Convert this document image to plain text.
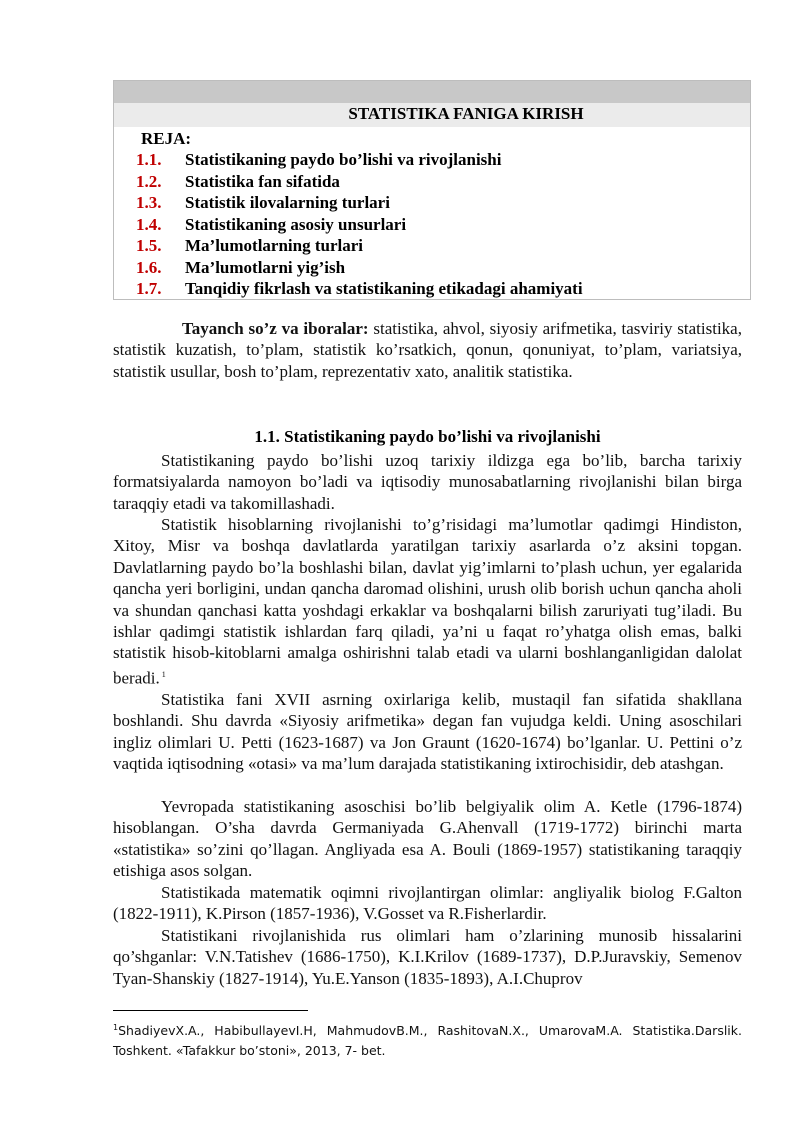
STATISTIKA FANIGA KIRISH
REJA:
1.1. Statistikaning paydo bo’lishi va rivojlanishi
1.2. Statistika fan sifatida
1.3. Statistik ilovalarning turlari
1.4. Statistikaning asosiy unsurlari
1.5. Ma’lumotlarning turlari
1.6. Ma’lumotlarni yig’ish
1.7. Tanqidiy fikrlash va statistikaning etikadagi ahamiyati
Tayanch so’z va iboralar: statistika, ahvol, siyosiy arifmetika, tasviriy statistika, statistik kuzatish, to’plam, statistik ko’rsatkich, qonun, qonuniyat, to’plam, variatsiya, statistik usullar, bosh to’plam, reprezentativ xato, analitik statistika.
1.1. Statistikaning paydo bo’lishi va rivojlanishi
Statistikaning paydo bo’lishi uzoq tarixiy ildizga ega bo’lib, barcha tarixiy formatsiyalarda namoyon bo’ladi va iqtisodiy munosabatlarning rivojlanishi bilan birga taraqqiy etadi va takomillashadi.
Statistik hisoblarning rivojlanishi to’g’risidagi ma’lumotlar qadimgi Hindiston, Xitoy, Misr va boshqa davlatlarda yaratilgan tarixiy asarlarda o’z aksini topgan. Davlatlarning paydo bo’la boshlashi bilan, davlat yig’imlarni to’plash uchun, yer egalarida qancha yeri borligini, undan qancha daromad olishini, urush olib borish uchun qancha aholi va shundan qanchasi katta yoshdagi erkaklar va boshqalarni bilish zaruriyati tug’iladi. Bu ishlar qadimgi statistik ishlardan farq qiladi, ya’ni u faqat ro’yhatga olish emas, balki statistik hisob-kitoblarni amalga oshirishni talab etadi va ularni boshlanganligidan dalolat beradi. $^1$
Statistika fani XVII asrning oxirlariga kelib, mustaqil fan sifatida shakllana boshlandi. Shu davrda «Siyosiy arifmetika» degan fan vujudga keldi. Uning asoschilari ingliz olimlari U. Petti (1623-1687) va Jon Graunt (1620-1674) bo’lganlar. U. Pettini o’z vaqtida iqtisodning «otasi» va ma’lum darajada statistikaning ixtirochisidir, deb atashgan.
Yevropada statistikaning asoschisi bo’lib belgiyalik olim A. Ketle (1796-1874) hisoblangan. O’sha davrda Germaniyada G.Ahenvall (1719-1772) birinchi marta «statistika» so’zini qo’llagan. Angliyada esa A. Bouli (1869-1957) statistikaning taraqqiy etishiga asos solgan.
Statistikada matematik oqimni rivojlantirgan olimlar: angliyalik biolog F.Galton (1822-1911), K.Pirson (1857-1936), V.Gosset va R.Fisherlardir.
Statistikani rivojlanishida rus olimlari ham o’zlarining munosib hissalarini qo’shganlar: V.N.Tatishev (1686-1750), K.I.Krilov (1689-1737), D.P.Juravskiy, Semenov Tyan-Shanskiy (1827-1914), Yu.E.Yanson (1835-1893), A.I.Chuprov
$^1$ShadiyevX.A., HabibullayevI.H, MahmudovB.M., RashitovaN.X., UmarovaM.A. Statistika.Darslik. Toshkent. «Tafakkur bo’stoni», 2013, 7- bet.
